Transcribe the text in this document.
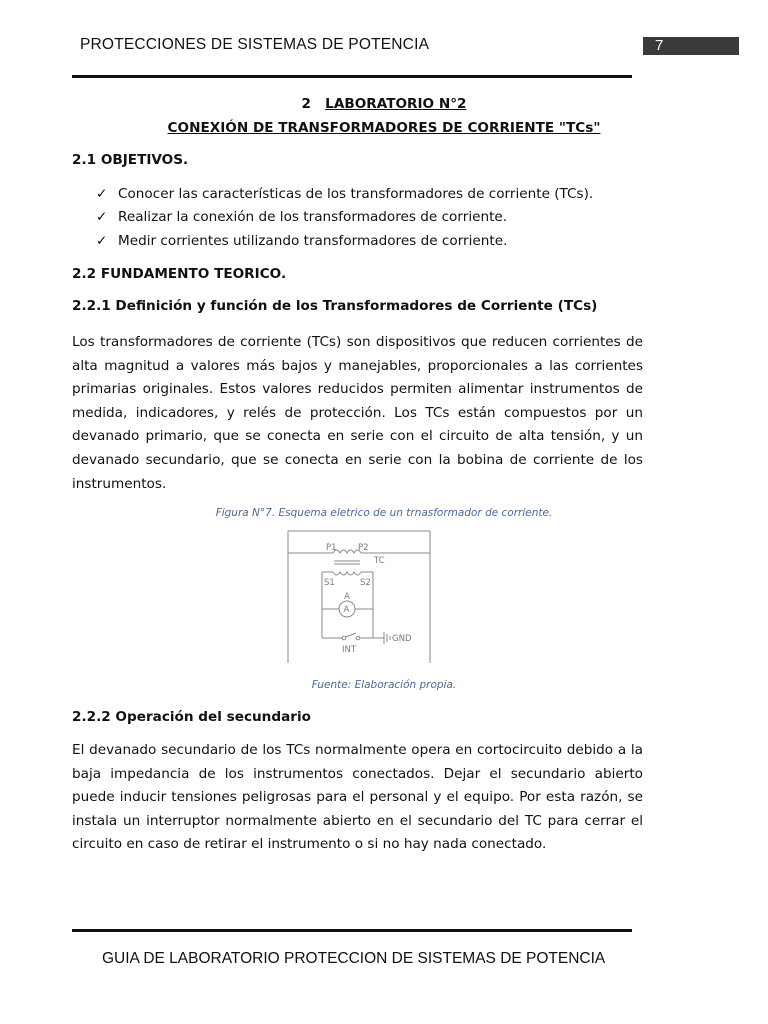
PROTECCIONES DE SISTEMAS DE POTENCIA	7
2 LABORATORIO N°2
CONEXIÓN DE TRANSFORMADORES DE CORRIENTE "TCs"
2.1 OBJETIVOS.
✓ Conocer las características de los transformadores de corriente (TCs).
✓ Realizar la conexión de los transformadores de corriente.
✓ Medir corrientes utilizando transformadores de corriente.
2.2 FUNDAMENTO TEORICO.
2.2.1 Definición y función de los Transformadores de Corriente (TCs)

Los transformadores de corriente (TCs) son dispositivos que reducen corrientes de alta magnitud a valores más bajos y manejables, proporcionales a las corrientes primarias originales. Estos valores reducidos permiten alimentar instrumentos de medida, indicadores, y relés de protección. Los TCs están compuestos por un devanado primario, que se conecta en serie con el circuito de alta tensión, y un devanado secundario, que se conecta en serie con la bobina de corriente de los instrumentos.

Figura N°7. Esquema eletrico de un trnasformador de corriente.
P1	P2
TC
S1	S2
A
A
GND
INT
Fuente: Elaboración propia.
2.2.2 Operación del secundario

El devanado secundario de los TCs normalmente opera en cortocircuito debido a la baja impedancia de los instrumentos conectados. Dejar el secundario abierto puede inducir tensiones peligrosas para el personal y el equipo. Por esta razón, se instala un interruptor normalmente abierto en el secundario del TC para cerrar el circuito en caso de retirar el instrumento o si no hay nada conectado.

GUIA DE LABORATORIO PROTECCION DE SISTEMAS DE POTENCIA
